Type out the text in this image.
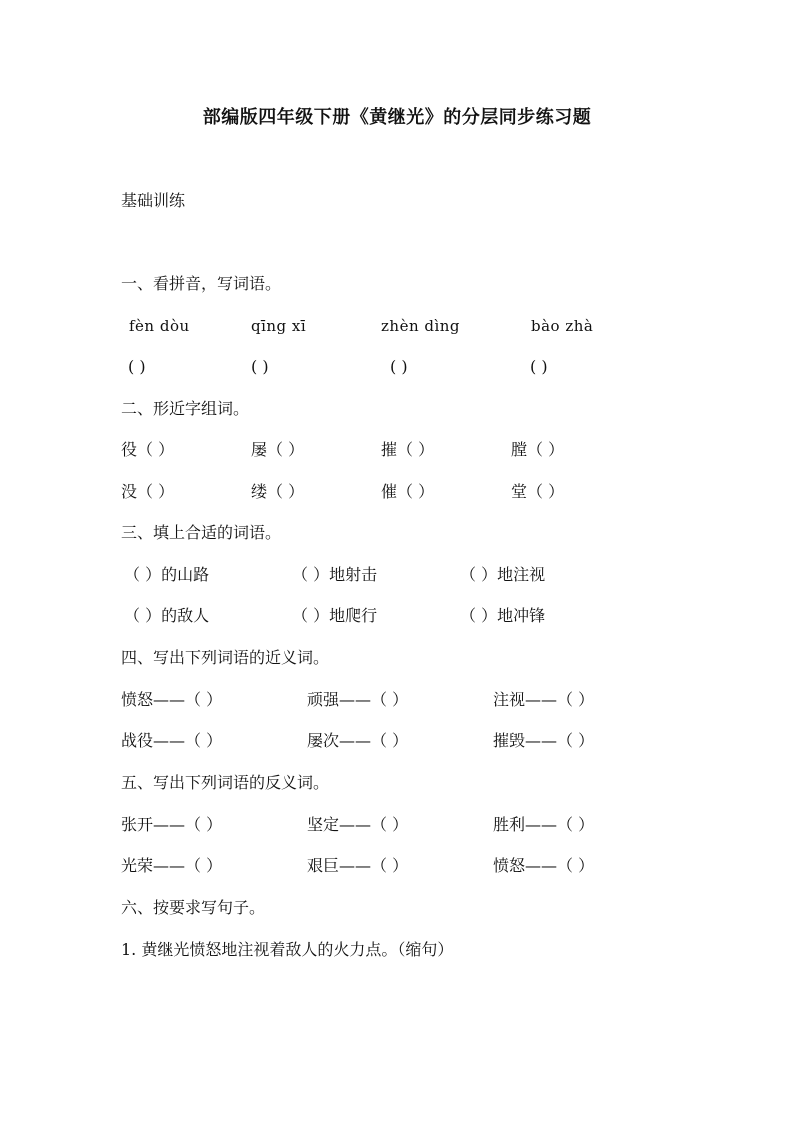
部编版四年级下册《黄继光》的分层同步练习题
基础训练
一、看拼音，写词语。
fèn dòu	qīng xī	zhèn dìng	bào zhà
( )	( )	( )	( )
二、形近字组词。
役（ ）	屡（ ）	摧（ ）	膛（ ）
没（ ）	缕（ ）	催（ ）	堂（ ）
三、填上合适的词语。
（ ）的山路	（ ）地射击	（ ）地注视
（ ）的敌人	（ ）地爬行	（ ）地冲锋
四、写出下列词语的近义词。
愤怒——（ ）	顽强——（ ）	注视——（ ）
战役——（ ）	屡次——（ ）	摧毁——（ ）
五、写出下列词语的反义词。
张开——（ ）	坚定——（ ）	胜利——（ ）
光荣——（ ）	艰巨——（ ）	愤怒——（ ）
六、按要求写句子。
1. 黄继光愤怒地注视着敌人的火力点。（缩句）
